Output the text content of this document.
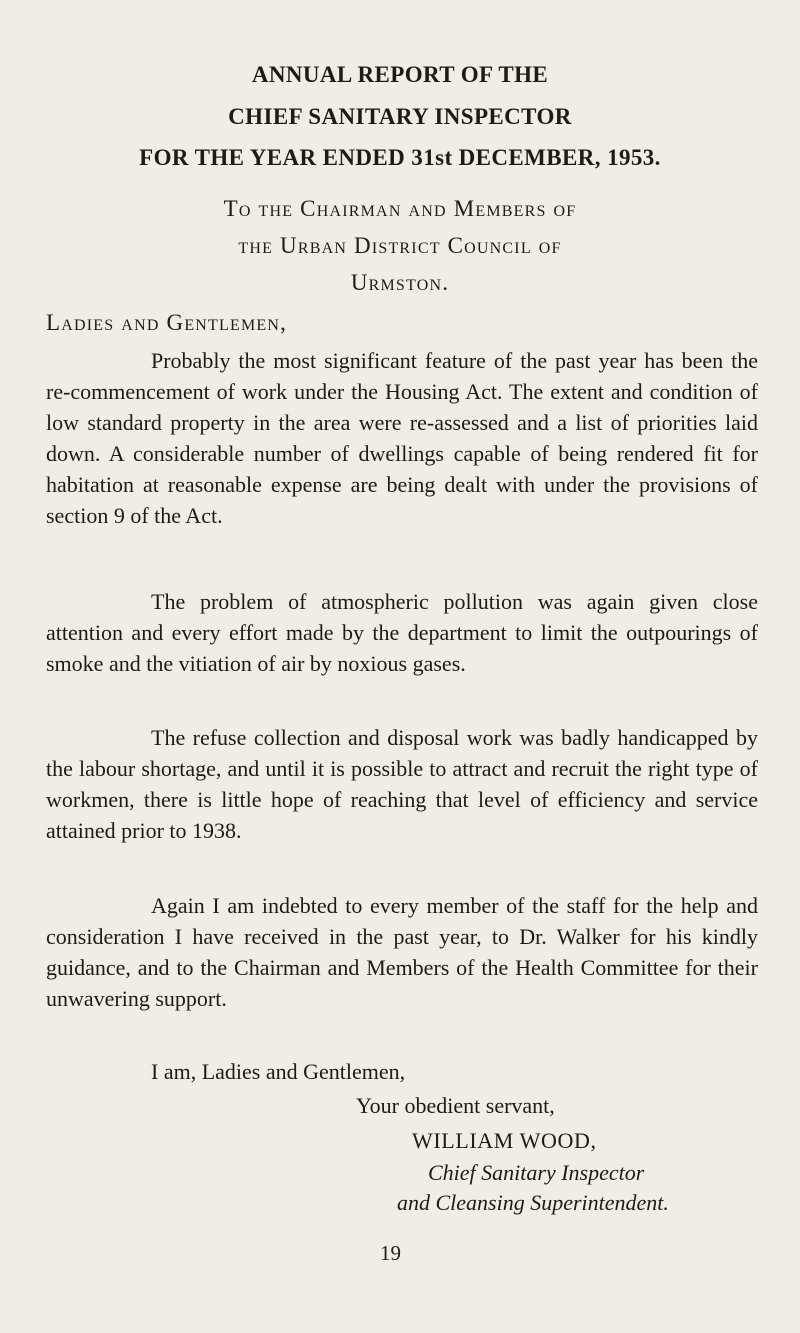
ANNUAL REPORT OF THE
CHIEF SANITARY INSPECTOR
FOR THE YEAR ENDED 31st DECEMBER, 1953.
To the Chairman and Members of
the Urban District Council of
Urmston.
Ladies and Gentlemen,

Probably the most significant feature of the past year has been the re-commencement of work under the Housing Act. The extent and condition of low standard property in the area were re-assessed and a list of priorities laid down. A considerable number of dwellings capable of being rendered fit for habitation at reasonable expense are being dealt with under the provisions of section 9 of the Act.

The problem of atmospheric pollution was again given close attention and every effort made by the department to limit the outpourings of smoke and the vitiation of air by noxious gases.

The refuse collection and disposal work was badly handicapped by the labour shortage, and until it is possible to attract and recruit the right type of workmen, there is little hope of reaching that level of efficiency and service attained prior to 1938.

Again I am indebted to every member of the staff for the help and consideration I have received in the past year, to Dr. Walker for his kindly guidance, and to the Chairman and Members of the Health Committee for their unwavering support.

I am, Ladies and Gentlemen,
Your obedient servant,
WILLIAM WOOD,
Chief Sanitary Inspector
and Cleansing Superintendent.
19
